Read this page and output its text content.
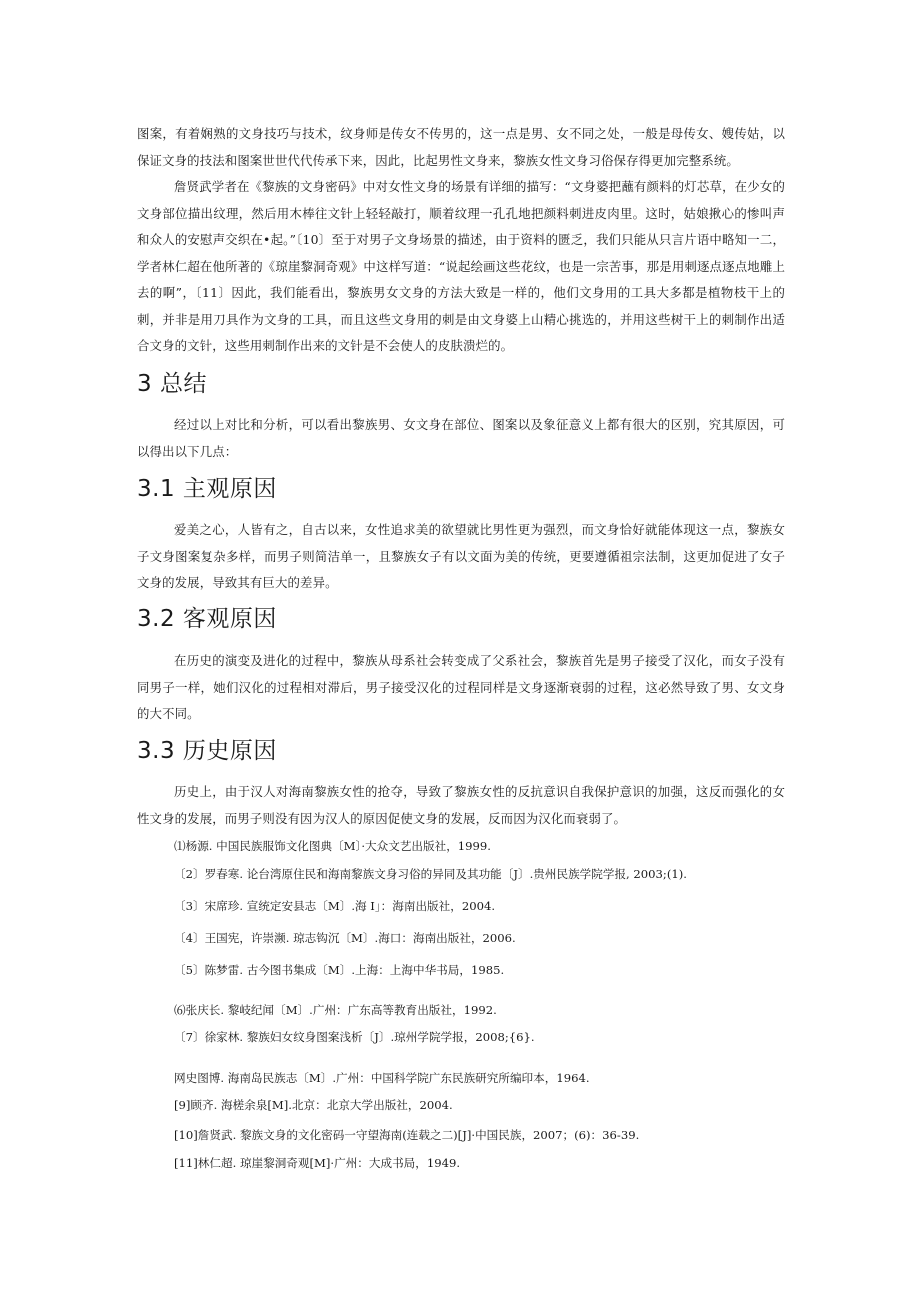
图案，有着娴熟的文身技巧与技术，纹身师是传女不传男的，这一点是男、女不同之处，一般是母传女、嫂传姑，以保证文身的技法和图案世世代代传承下来，因此，比起男性文身来，黎族女性文身习俗保存得更加完整系统。

詹贤武学者在《黎族的文身密码》中对女性文身的场景有详细的描写：“文身婆把蘸有颜料的灯芯草，在少女的文身部位描出纹理，然后用木棒往文针上轻轻敲打，顺着纹理一孔孔地把颜料刺进皮肉里。这时，姑娘揪心的惨叫声和众人的安慰声交织在•起。”〔10〕至于对男子文身场景的描述，由于资料的匮乏，我们只能从只言片语中略知一二，学者林仁超在他所著的《琼崖黎洞奇观》中这样写道：“说起绘画这些花纹，也是一宗苦事，那是用刺逐点逐点地雕上去的啊”，〔11〕因此，我们能看出，黎族男女文身的方法大致是一样的，他们文身用的工具大多都是植物枝干上的刺，并非是用刀具作为文身的工具，而且这些文身用的刺是由文身婆上山精心挑选的，并用这些树干上的刺制作出适合文身的文针，这些用刺制作出来的文针是不会使人的皮肤溃烂的。

3 总结

经过以上对比和分析，可以看出黎族男、女文身在部位、图案以及象征意义上都有很大的区别，究其原因，可以得出以下几点：

3.1 主观原因

爱美之心，人皆有之，自古以来，女性追求美的欲望就比男性更为强烈，而文身恰好就能体现这一点，黎族女子文身图案复杂多样，而男子则简洁单一，且黎族女子有以文面为美的传统，更要遵循祖宗法制，这更加促进了女子文身的发展，导致其有巨大的差异。

3.2 客观原因

在历史的演变及进化的过程中，黎族从母系社会转变成了父系社会，黎族首先是男子接受了汉化，而女子没有同男子一样，她们汉化的过程相对滞后，男子接受汉化的过程同样是文身逐渐衰弱的过程，这必然导致了男、女文身的大不同。

3.3 历史原因

历史上，由于汉人对海南黎族女性的抢夺，导致了黎族女性的反抗意识自我保护意识的加强，这反而强化的女性文身的发展，而男子则没有因为汉人的原因促使文身的发展，反而因为汉化而衰弱了。

⑴杨源. 中国民族服饰文化图典〔M〕·大众文艺出版社，1999.

〔2〕罗春寒. 论台湾原住民和海南黎族文身习俗的异同及其功能〔J〕.贵州民族学院学报, 2003;(1).

〔3〕宋席珍. 宣统定安县志〔M〕.海 I」：海南出版社，2004.

〔4〕王国宪，许崇濒. 琼志钩沉〔M〕.海口：海南出版社，2006.

〔5〕陈梦雷. 古今图书集成〔M〕.上海：上海中华书局，1985.

⑹张庆长. 黎岐纪闻〔M〕.广州：广东高等教育出版社，1992.

〔7〕徐家林. 黎族妇女纹身图案浅析〔J〕.琼州学院学报，2008;{6}.

网史图博. 海南岛民族志〔M〕.广州：中国科学院广东民族研究所编印本，1964.

[9]顾齐. 海槎余泉[M].北京：北京大学出版社，2004.

[10]詹贤武. 黎族文身的文化密码一守望海南(连载之二)[J]·中国民族，2007；(6)：36-39.

[11]林仁超. 琼崖黎洞奇观[M]·广州：大成书局，1949.
